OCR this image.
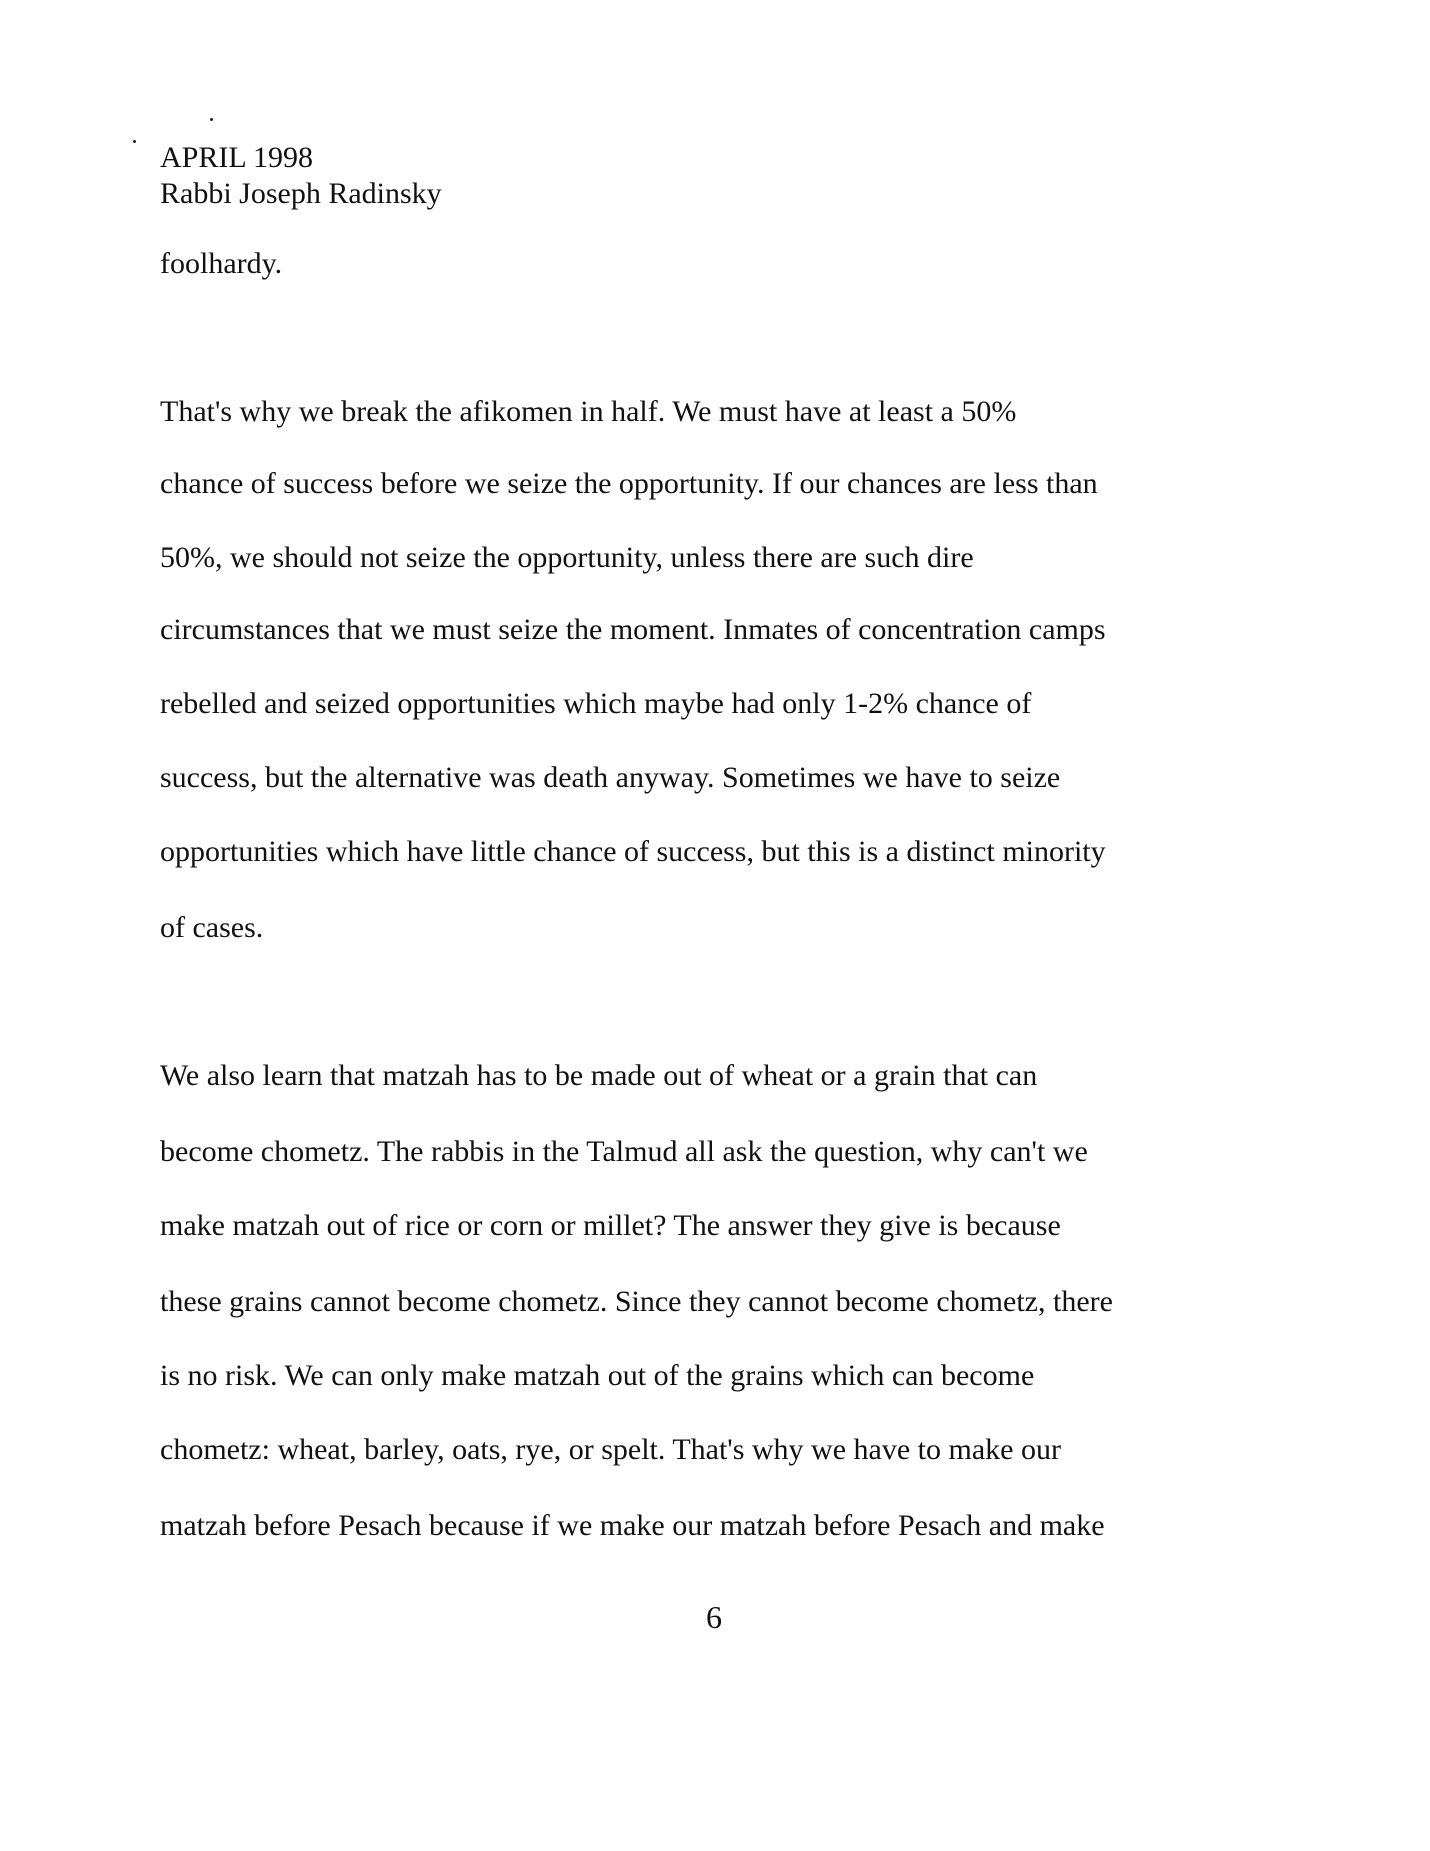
APRIL 1998
Rabbi Joseph Radinsky
foolhardy.
That's why we break the afikomen in half. We must have at least a 50%
chance of success before we seize the opportunity. If our chances are less than
50%, we should not seize the opportunity, unless there are such dire
circumstances that we must seize the moment. Inmates of concentration camps
rebelled and seized opportunities which maybe had only 1-2% chance of
success, but the alternative was death anyway. Sometimes we have to seize
opportunities which have little chance of success, but this is a distinct minority
of cases.
We also learn that matzah has to be made out of wheat or a grain that can
become chometz. The rabbis in the Talmud all ask the question, why can't we
make matzah out of rice or corn or millet? The answer they give is because
these grains cannot become chometz. Since they cannot become chometz, there
is no risk. We can only make matzah out of the grains which can become
chometz: wheat, barley, oats, rye, or spelt. That's why we have to make our
matzah before Pesach because if we make our matzah before Pesach and make
6
